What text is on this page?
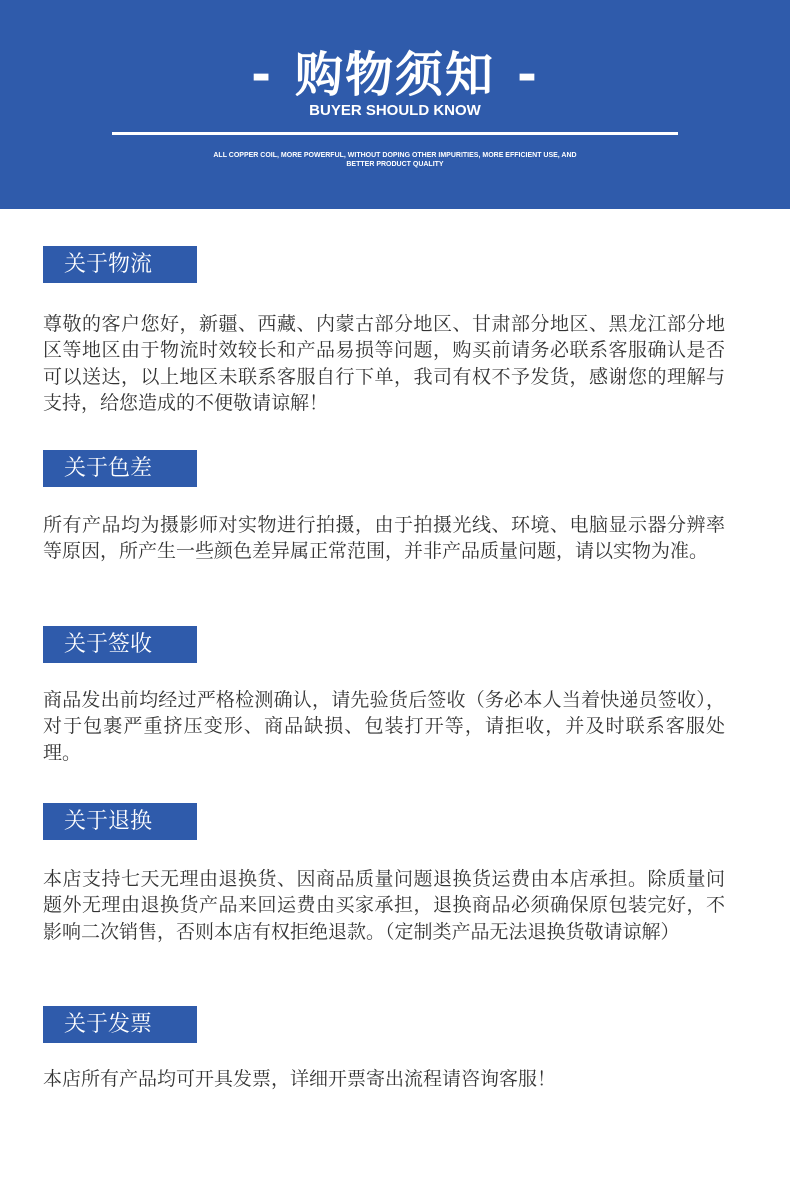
- 购物须知 -
BUYER SHOULD KNOW
ALL COPPER COIL, MORE POWERFUL, WITHOUT DOPING OTHER IMPURITIES, MORE EFFICIENT USE, AND BETTER PRODUCT QUALITY
关于物流
尊敬的客户您好，新疆、西藏、内蒙古部分地区、甘肃部分地区、黑龙江部分地区等地区由于物流时效较长和产品易损等问题，购买前请务必联系客服确认是否可以送达，以上地区未联系客服自行下单，我司有权不予发货，感谢您的理解与支持，给您造成的不便敬请谅解！
关于色差
所有产品均为摄影师对实物进行拍摄，由于拍摄光线、环境、电脑显示器分辨率等原因，所产生一些颜色差异属正常范围，并非产品质量问题，请以实物为准。
关于签收
商品发出前均经过严格检测确认，请先验货后签收（务必本人当着快递员签收），对于包裹严重挤压变形、商品缺损、包装打开等，请拒收，并及时联系客服处理。
关于退换
本店支持七天无理由退换货、因商品质量问题退换货运费由本店承担。除质量问题外无理由退换货产品来回运费由买家承担，退换商品必须确保原包装完好，不影响二次销售，否则本店有权拒绝退款。（定制类产品无法退换货敬请谅解）
关于发票
本店所有产品均可开具发票，详细开票寄出流程请咨询客服！
